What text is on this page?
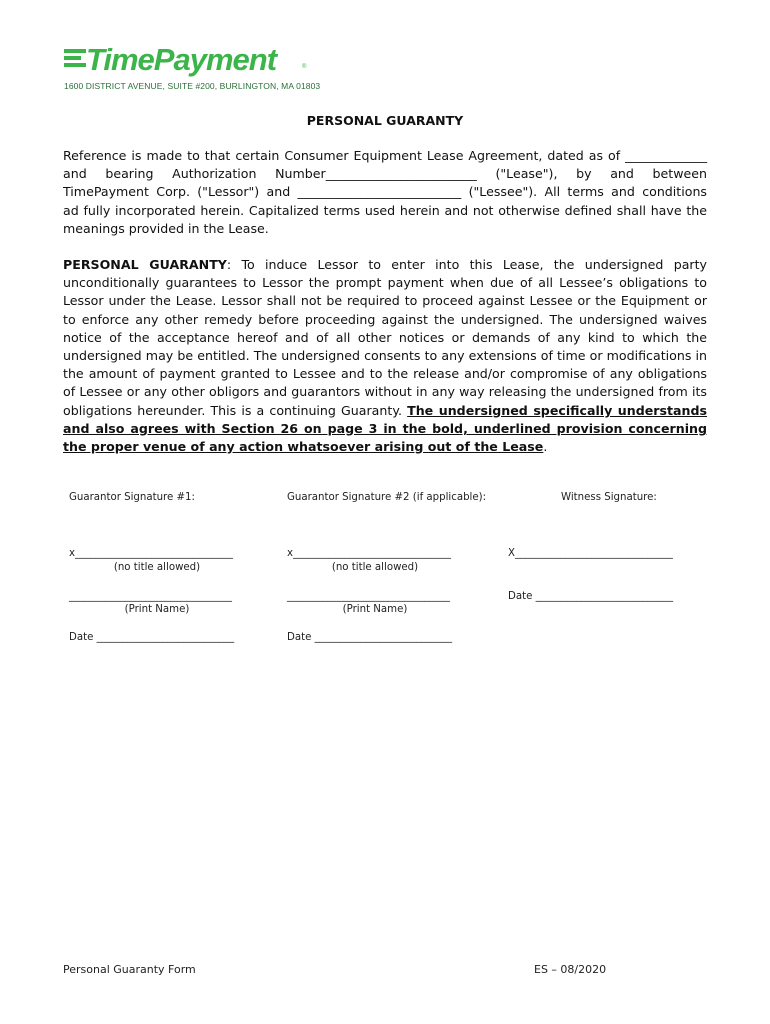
TimePayment	®
1600 DISTRICT AVENUE, SUITE #200, BURLINGTON, MA 01803
PERSONAL GUARANTY
Reference is made to that certain Consumer Equipment Lease Agreement, dated as of _____________
and bearing Authorization Number________________________ ("Lease"), by and between
TimePayment Corp. ("Lessor") and __________________________ ("Lessee"). All terms and conditions
ad fully incorporated herein. Capitalized terms used herein and not otherwise defined shall have the
meanings provided in the Lease.
PERSONAL GUARANTY: To induce Lessor to enter into this Lease, the undersigned party unconditionally guarantees to Lessor the prompt payment when due of all Lessee’s obligations to Lessor under the Lease. Lessor shall not be required to proceed against Lessee or the Equipment or to enforce any other remedy before proceeding against the undersigned. The undersigned waives notice of the acceptance hereof and of all other notices or demands of any kind to which the undersigned may be entitled. The undersigned consents to any extensions of time or modifications in the amount of payment granted to Lessee and to the release and/or compromise of any obligations of Lessee or any other obligors and guarantors without in any way releasing the undersigned from its obligations hereunder. This is a continuing Guaranty. The undersigned specifically understands and also agrees with Section 26 on page 3 in the bold, underlined provision concerning the proper venue of any action whatsoever arising out of the Lease.
Guarantor Signature #1:
x_______________________________
(no title allowed)
________________________________
(Print Name)
Date ___________________________
Guarantor Signature #2 (if applicable):
x_______________________________
(no title allowed)
________________________________
(Print Name)
Date ___________________________
Witness Signature:
X_______________________________
Date ___________________________
Personal Guaranty Form	ES – 08/2020
